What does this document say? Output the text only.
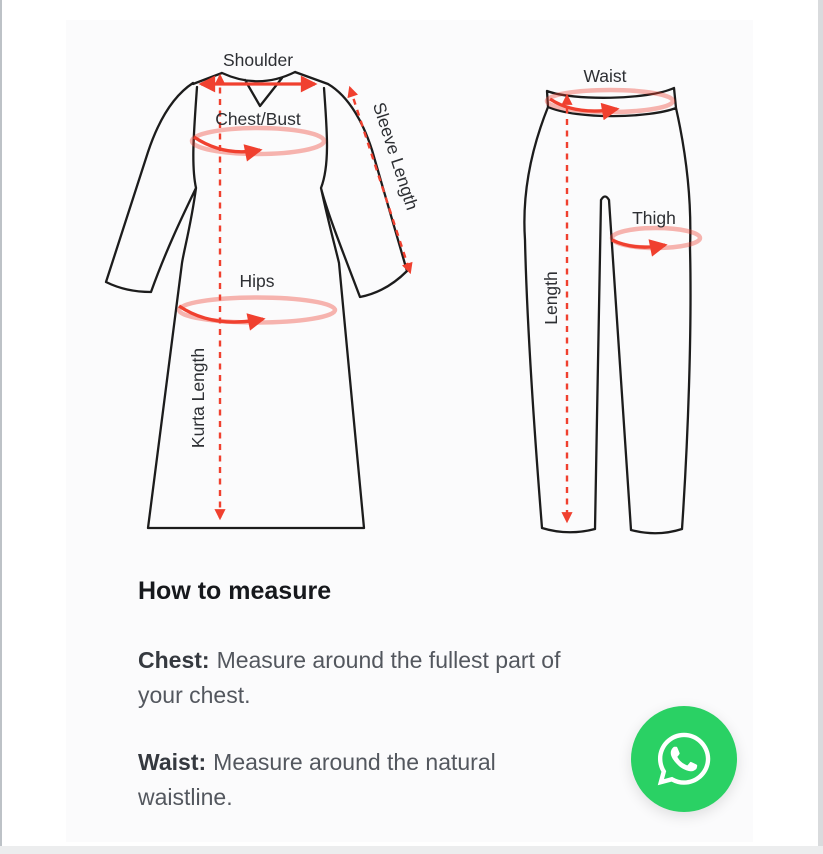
Shoulder
Chest/Bust	Sleeve Length
Hips
Kurta Length
Waist
Thigh
Length
How to measure

Chest: Measure around the fullest part of
your chest.

Waist: Measure around the natural
waistline.
